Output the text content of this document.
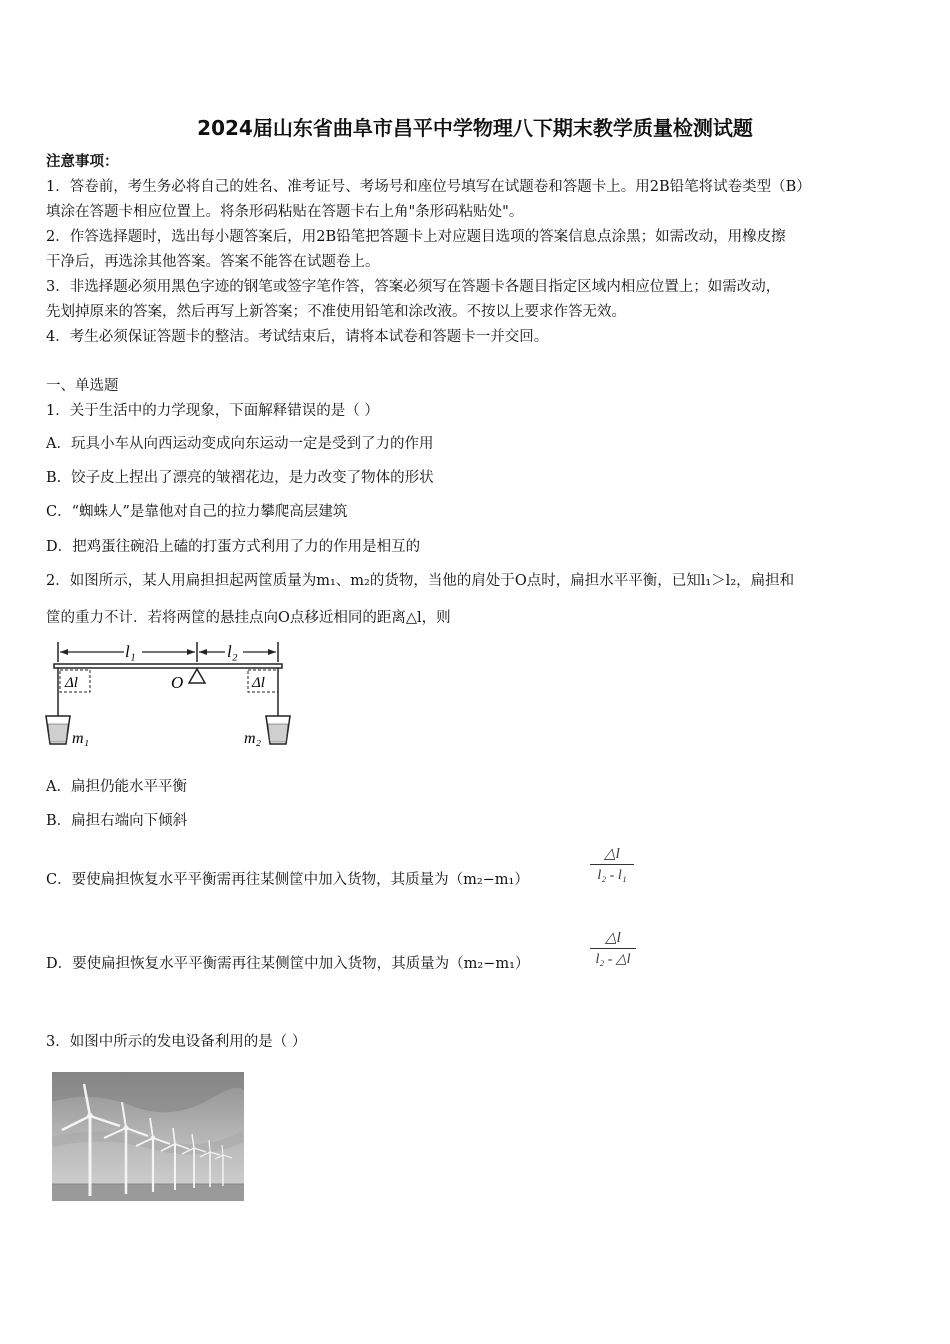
2024届山东省曲阜市昌平中学物理八下期末教学质量检测试题
注意事项：
1．答卷前，考生务必将自己的姓名、准考证号、考场号和座位号填写在试题卷和答题卡上。用2B铅笔将试卷类型（B）
填涂在答题卡相应位置上。将条形码粘贴在答题卡右上角"条形码粘贴处"。
2．作答选择题时，选出每小题答案后，用2B铅笔把答题卡上对应题目选项的答案信息点涂黑；如需改动，用橡皮擦
干净后，再选涂其他答案。答案不能答在试题卷上。
3．非选择题必须用黑色字迹的钢笔或签字笔作答，答案必须写在答题卡各题目指定区域内相应位置上；如需改动，
先划掉原来的答案，然后再写上新答案；不准使用铅笔和涂改液。不按以上要求作答无效。
4．考生必须保证答题卡的整洁。考试结束后，请将本试卷和答题卡一并交回。
一、单选题
1．关于生活中的力学现象，下面解释错误的是（ ）
A．玩具小车从向西运动变成向东运动一定是受到了力的作用
B．饺子皮上捏出了漂亮的皱褶花边，是力改变了物体的形状
C．“蜘蛛人”是靠他对自己的拉力攀爬高层建筑
D．把鸡蛋往碗沿上磕的打蛋方式利用了力的作用是相互的
2．如图所示，某人用扁担担起两筐质量为m₁、m₂的货物，当他的肩处于O点时，扁担水平平衡，已知l₁＞l₂，扁担和
筐的重力不计．若将两筐的悬挂点向O点移近相同的距离△l，则
l₁	l₂
O
Δl	Δl
m₁	m₂
A．扁担仍能水平平衡
B．扁担右端向下倾斜
C．要使扁担恢复水平平衡需再往某侧筐中加入货物，其质量为（m₂−m₁）
△l
l₂ - l₁
D．要使扁担恢复水平平衡需再往某侧筐中加入货物，其质量为（m₂−m₁）
△l
l₂ - △l
3．如图中所示的发电设备利用的是（ ）
